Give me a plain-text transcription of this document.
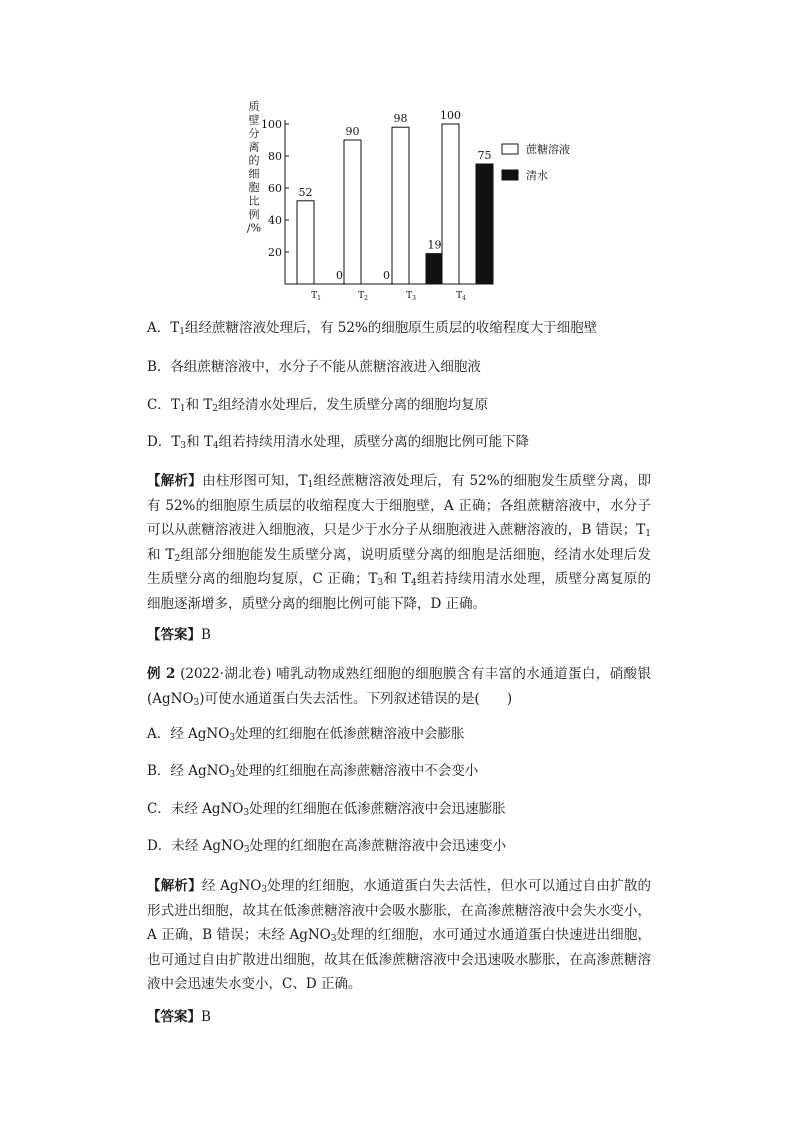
质
壁
分
离
的
细
胞
比
例
/%
20
40
60
80
100
52
0
$T_1$
90
0
$T_2$
98
19
$T_3$
100
75
$T_4$
蔗糖溶液
清水
A．$T_1$组经蔗糖溶液处理后，有 52%的细胞原生质层的收缩程度大于细胞壁
B．各组蔗糖溶液中，水分子不能从蔗糖溶液进入细胞液
C．$T_1$和 $T_2$组经清水处理后，发生质壁分离的细胞均复原
D．$T_3$和 $T_4$组若持续用清水处理，质壁分离的细胞比例可能下降
【解析】由柱形图可知，$T_1$组经蔗糖溶液处理后，有 52%的细胞发生质壁分离，即有 52%的细胞原生质层的收缩程度大于细胞壁，A 正确；各组蔗糖溶液中，水分子可以从蔗糖溶液进入细胞液，只是少于水分子从细胞液进入蔗糖溶液的，B 错误；$T_1$和 $T_2$组部分细胞能发生质壁分离，说明质壁分离的细胞是活细胞，经清水处理后发生质壁分离的细胞均复原，C 正确；$T_3$和 $T_4$组若持续用清水处理，质壁分离复原的细胞逐渐增多，质壁分离的细胞比例可能下降，D 正确。
【答案】B
例 2 (2022·湖北卷) 哺乳动物成熟红细胞的细胞膜含有丰富的水通道蛋白，硝酸银(AgNO$_3$)可使水通道蛋白失去活性。下列叙述错误的是(　　)
A．经 AgNO$_3$处理的红细胞在低渗蔗糖溶液中会膨胀
B．经 AgNO$_3$处理的红细胞在高渗蔗糖溶液中不会变小
C．未经 AgNO$_3$处理的红细胞在低渗蔗糖溶液中会迅速膨胀
D．未经 AgNO$_3$处理的红细胞在高渗蔗糖溶液中会迅速变小
【解析】经 AgNO$_3$处理的红细胞，水通道蛋白失去活性，但水可以通过自由扩散的形式进出细胞，故其在低渗蔗糖溶液中会吸水膨胀，在高渗蔗糖溶液中会失水变小，A 正确，B 错误；未经 AgNO$_3$处理的红细胞，水可通过水通道蛋白快速进出细胞，也可通过自由扩散进出细胞，故其在低渗蔗糖溶液中会迅速吸水膨胀，在高渗蔗糖溶液中会迅速失水变小，C、D 正确。
【答案】B
